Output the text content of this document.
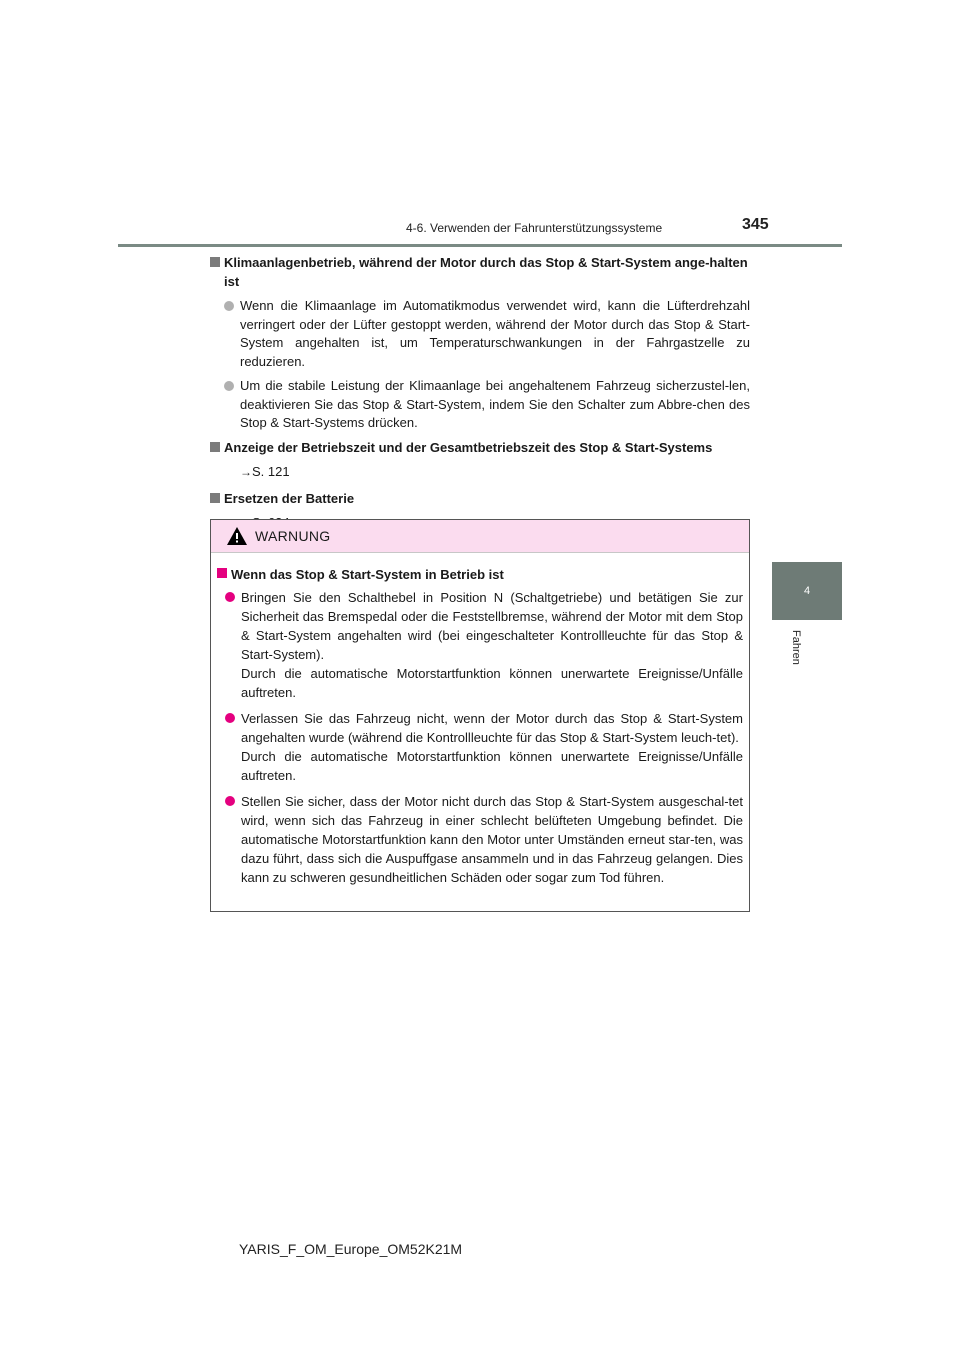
4-6. Verwenden der Fahrunterstützungssysteme	345
4
Fahren
Klimaanlagenbetrieb, während der Motor durch das Stop & Start-System ange-halten ist
Wenn die Klimaanlage im Automatikmodus verwendet wird, kann die Lüfterdrehzahl verringert oder der Lüfter gestoppt werden, während der Motor durch das Stop & Start-System angehalten ist, um Temperaturschwankungen in der Fahrgastzelle zu reduzieren.
Um die stabile Leistung der Klimaanlage bei angehaltenem Fahrzeug sicherzustel-len, deaktivieren Sie das Stop & Start-System, indem Sie den Schalter zum Abbre-chen des Stop & Start-Systems drücken.
Anzeige der Betriebszeit und der Gesamtbetriebszeit des Stop & Start-Systems
→S. 121
Ersetzen der Batterie
WARNUNG
Wenn das Stop & Start-System in Betrieb ist
Bringen Sie den Schalthebel in Position N (Schaltgetriebe) und betätigen Sie zur Sicherheit das Bremspedal oder die Feststellbremse, während der Motor mit dem Stop & Start-System angehalten wird (bei eingeschalteter Kontrollleuchte für das Stop & Start-System).
Durch die automatische Motorstartfunktion können unerwartete Ereignisse/Unfälle auftreten.
Verlassen Sie das Fahrzeug nicht, wenn der Motor durch das Stop & Start-System angehalten wurde (während die Kontrollleuchte für das Stop & Start-System leuch-tet).
Durch die automatische Motorstartfunktion können unerwartete Ereignisse/Unfälle auftreten.
Stellen Sie sicher, dass der Motor nicht durch das Stop & Start-System ausgeschal-tet wird, wenn sich das Fahrzeug in einer schlecht belüfteten Umgebung befindet. Die automatische Motorstartfunktion kann den Motor unter Umständen erneut star-ten, was dazu führt, dass sich die Auspuffgase ansammeln und in das Fahrzeug gelangen. Dies kann zu schweren gesundheitlichen Schäden oder sogar zum Tod führen.
YARIS_F_OM_Europe_OM52K21M
